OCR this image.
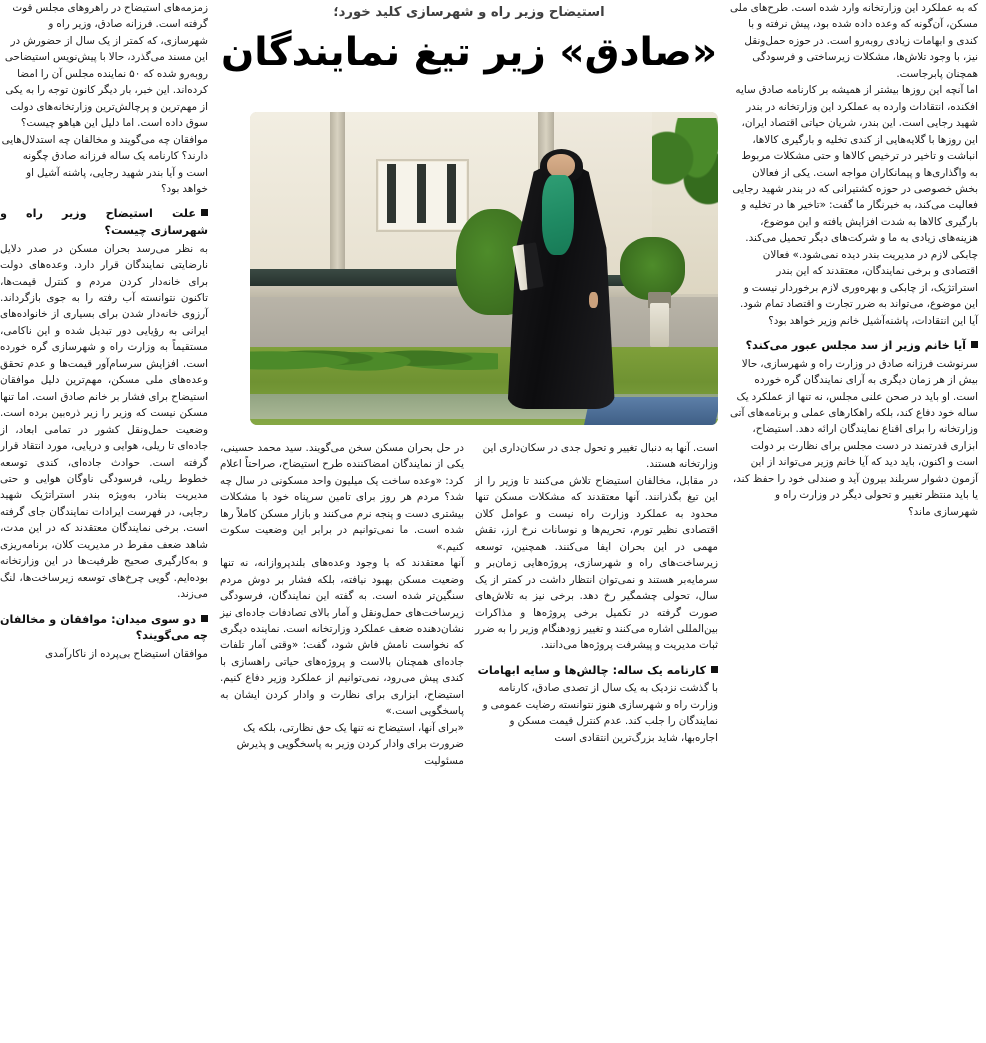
استیضاح وزیر راه و شهرسازی کلید خورد؛
«صادق» زیر تیغ نمایندگان

زمزمه‌های استیضاح در راهروهای مجلس قوت گرفته است. فرزانه صادق، وزیر راه و شهرسازی، که کمتر از یک سال از حضورش در این مسند می‌گذرد، حالا با پیش‌نویس استیضاحی روبه‌رو شده که ۵۰ نماینده مجلس آن را امضا کرده‌اند. این خبر، بار دیگر کانون توجه را به یکی از مهم‌ترین و پرچالش‌ترین وزارتخانه‌های دولت سوق داده است. اما دلیل این هیاهو چیست؟ موافقان چه می‌گویند و مخالفان چه استدلال‌هایی دارند؟ کارنامه یک ساله فرزانه صادق چگونه است و آیا بندر شهید رجایی، پاشنه آشیل او خواهد بود؟

علت استیضاح وزیر راه و شهرسازی چیست؟

به نظر می‌رسد بحران مسکن در صدر دلایل نارضایتی نمایندگان قرار دارد. وعده‌های دولت برای خانه‌دار کردن مردم و کنترل قیمت‌ها، تاکنون نتوانسته آب رفته را به جوی بازگرداند. آرزوی خانه‌دار شدن برای بسیاری از خانواده‌های ایرانی به رؤیایی دور تبدیل شده و این ناکامی، مستقیماً به وزارت راه و شهرسازی گره خورده است. افزایش سرسام‌آور قیمت‌ها و عدم تحقق وعده‌های ملی مسکن، مهم‌ترین دلیل موافقان استیضاح برای فشار بر خانم صادق است. اما تنها مسکن نیست که وزیر را زیر ذره‌بین برده است. وضعیت حمل‌ونقل کشور در تمامی ابعاد، از جاده‌ای تا ریلی، هوایی و دریایی، مورد انتقاد قرار گرفته است. حوادث جاده‌ای، کندی توسعه خطوط ریلی، فرسودگی ناوگان هوایی و حتی مدیریت بنادر، به‌ویژه بندر استراتژیک شهید رجایی، در فهرست ایرادات نمایندگان جای گرفته است. برخی نمایندگان معتقدند که در این مدت، شاهد ضعف مفرط در مدیریت کلان، برنامه‌ریزی و به‌کارگیری صحیح ظرفیت‌ها در این وزارتخانه بوده‌ایم. گویی چرخ‌های توسعه زیرساخت‌ها، لنگ می‌زند.

دو سوی میدان: موافقان و مخالفان چه می‌گویند؟

موافقان استیضاح بی‌پرده از ناکارآمدی

در حل بحران مسکن سخن می‌گویند. سید محمد حسینی، یکی از نمایندگان امضاکننده طرح استیضاح، صراحتاً اعلام کرد: «وعده ساخت یک میلیون واحد مسکونی در سال چه شد؟ مردم هر روز برای تامین سرپناه خود با مشکلات بیشتری دست و پنجه نرم می‌کنند و بازار مسکن کاملاً رها شده است. ما نمی‌توانیم در برابر این وضعیت سکوت کنیم.»

آنها معتقدند که با وجود وعده‌های بلندپروازانه، نه تنها وضعیت مسکن بهبود نیافته، بلکه فشار بر دوش مردم سنگین‌تر شده است. به گفته این نمایندگان، فرسودگی زیرساخت‌های حمل‌ونقل و آمار بالای تصادفات جاده‌ای نیز نشان‌دهنده ضعف عملکرد وزارتخانه است. نماینده دیگری که نخواست نامش فاش شود، گفت: «وقتی آمار تلفات جاده‌ای همچنان بالاست و پروژه‌های حیاتی راهسازی با کندی پیش می‌رود، نمی‌توانیم از عملکرد وزیر دفاع کنیم. استیضاح، ابزاری برای نظارت و وادار کردن ایشان به پاسخگویی است.»

«برای آنها، استیضاح نه تنها یک حق نظارتی، بلکه یک ضرورت برای وادار کردن وزیر به پاسخگویی و پذیرش مسئولیت

است. آنها به دنبال تغییر و تحول جدی در سکان‌داری این وزارتخانه هستند.

در مقابل، مخالفان استیضاح تلاش می‌کنند تا وزیر را از این تیغ بگذرانند. آنها معتقدند که مشکلات مسکن تنها محدود به عملکرد وزارت راه نیست و عوامل کلان اقتصادی نظیر تورم، تحریم‌ها و نوسانات نرخ ارز، نقش مهمی در این بحران ایفا می‌کنند. همچنین، توسعه زیرساخت‌های راه و شهرسازی، پروژه‌هایی زمان‌بر و سرمایه‌بر هستند و نمی‌توان انتظار داشت در کمتر از یک سال، تحولی چشمگیر رخ دهد. برخی نیز به تلاش‌های صورت گرفته در تکمیل برخی پروژه‌ها و مذاکرات بین‌المللی اشاره می‌کنند و تغییر زودهنگام وزیر را به ضرر ثبات مدیریت و پیشرفت پروژه‌ها می‌دانند.

کارنامه یک ساله: چالش‌ها و سایه ابهامات

با گذشت نزدیک به یک سال از تصدی صادق، کارنامه وزارت راه و شهرسازی هنوز نتوانسته رضایت عمومی و نمایندگان را جلب کند. عدم کنترل قیمت مسکن و اجاره‌بها، شاید بزرگ‌ترین انتقادی است

که به عملکرد این وزارتخانه وارد شده است. طرح‌های ملی مسکن، آن‌گونه که وعده داده شده بود، پیش نرفته و با کندی و ابهامات زیادی روبه‌رو است. در حوزه حمل‌ونقل نیز، با وجود تلاش‌ها، مشکلات زیرساختی و فرسودگی همچنان پابرجاست.

اما آنچه این روزها بیشتر از همیشه بر کارنامه صادق سایه افکنده، انتقادات وارده به عملکرد این وزارتخانه در بندر شهید رجایی است. این بندر، شریان حیاتی اقتصاد ایران، این روزها با گلایه‌هایی از کندی تخلیه و بارگیری کالاها، انباشت و تاخیر در ترخیص کالاها و حتی مشکلات مربوط به واگذاری‌ها و پیمانکاران مواجه است. یکی از فعالان بخش خصوصی در حوزه کشتیرانی که در بندر شهید رجایی فعالیت می‌کند، به خبرنگار ما گفت: «تاخیر ها در تخلیه و بارگیری کالاها به شدت افزایش یافته و این موضوع، هزینه‌های زیادی به ما و شرکت‌های دیگر تحمیل می‌کند. چابکی لازم در مدیریت بندر دیده نمی‌شود.» فعالان اقتصادی و برخی نمایندگان، معتقدند که این بندر استراتژیک، از چابکی و بهره‌وری لازم برخوردار نیست و این موضوع، می‌تواند به ضرر تجارت و اقتصاد تمام شود. آیا این انتقادات، پاشنه‌آشیل خانم وزیر خواهد بود؟

آیا خانم وزیر از سد مجلس عبور می‌کند؟

سرنوشت فرزانه صادق در وزارت راه و شهرسازی، حالا بیش از هر زمان دیگری به آرای نمایندگان گره خورده است. او باید در صحن علنی مجلس، نه تنها از عملکرد یک ساله خود دفاع کند، بلکه راهکارهای عملی و برنامه‌های آتی وزارتخانه را برای اقناع نمایندگان ارائه دهد. استیضاح، ابزاری قدرتمند در دست مجلس برای نظارت بر دولت است و اکنون، باید دید که آیا خانم وزیر می‌تواند از این آزمون دشوار سربلند بیرون آید و صندلی خود را حفظ کند، یا باید منتظر تغییر و تحولی دیگر در وزارت راه و شهرسازی ماند؟
